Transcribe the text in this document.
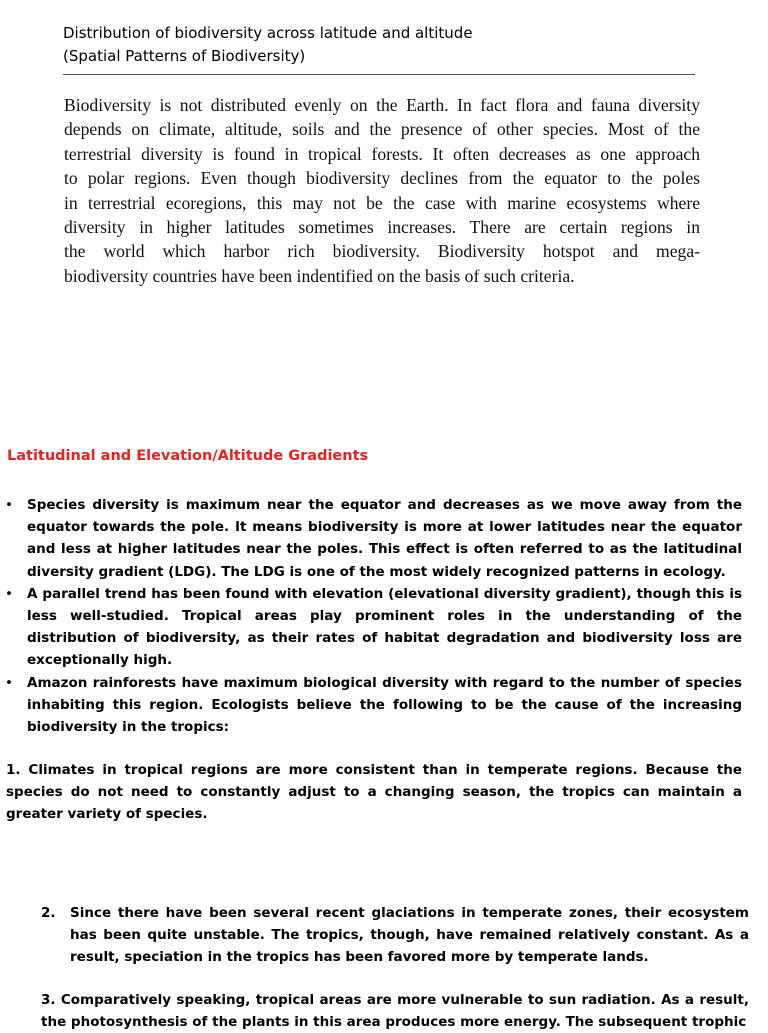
Distribution of biodiversity across latitude and altitude
(Spatial Patterns of Biodiversity)
Biodiversity is not distributed evenly on the Earth. In fact flora and fauna diversity
depends on climate, altitude, soils and the presence of other species. Most of the
terrestrial diversity is found in tropical forests. It often decreases as one approach
to polar regions. Even though biodiversity declines from the equator to the poles
in terrestrial ecoregions, this may not be the case with marine ecosystems where
diversity in higher latitudes sometimes increases. There are certain regions in
the world which harbor rich biodiversity. Biodiversity hotspot and mega-
biodiversity countries have been indentified on the basis of such criteria.
Latitudinal and Elevation/Altitude Gradients
• Species diversity is maximum near the equator and decreases as we move away from the equator towards the pole. It means biodiversity is more at lower latitudes near the equator and less at higher latitudes near the poles. This effect is often referred to as the latitudinal diversity gradient (LDG). The LDG is one of the most widely recognized patterns in ecology.
• A parallel trend has been found with elevation (elevational diversity gradient), though this is less well-studied. Tropical areas play prominent roles in the understanding of the distribution of biodiversity, as their rates of habitat degradation and biodiversity loss are exceptionally high.
• Amazon rainforests have maximum biological diversity with regard to the number of species inhabiting this region. Ecologists believe the following to be the cause of the increasing biodiversity in the tropics:
1. Climates in tropical regions are more consistent than in temperate regions. Because the species do not need to constantly adjust to a changing season, the tropics can maintain a greater variety of species.
2. Since there have been several recent glaciations in temperate zones, their ecosystem has been quite unstable. The tropics, though, have remained relatively constant. As a result, speciation in the tropics has been favored more by temperate lands.
3. Comparatively speaking, tropical areas are more vulnerable to sun radiation. As a result, the photosynthesis of the plants in this area produces more energy. The subsequent trophic
